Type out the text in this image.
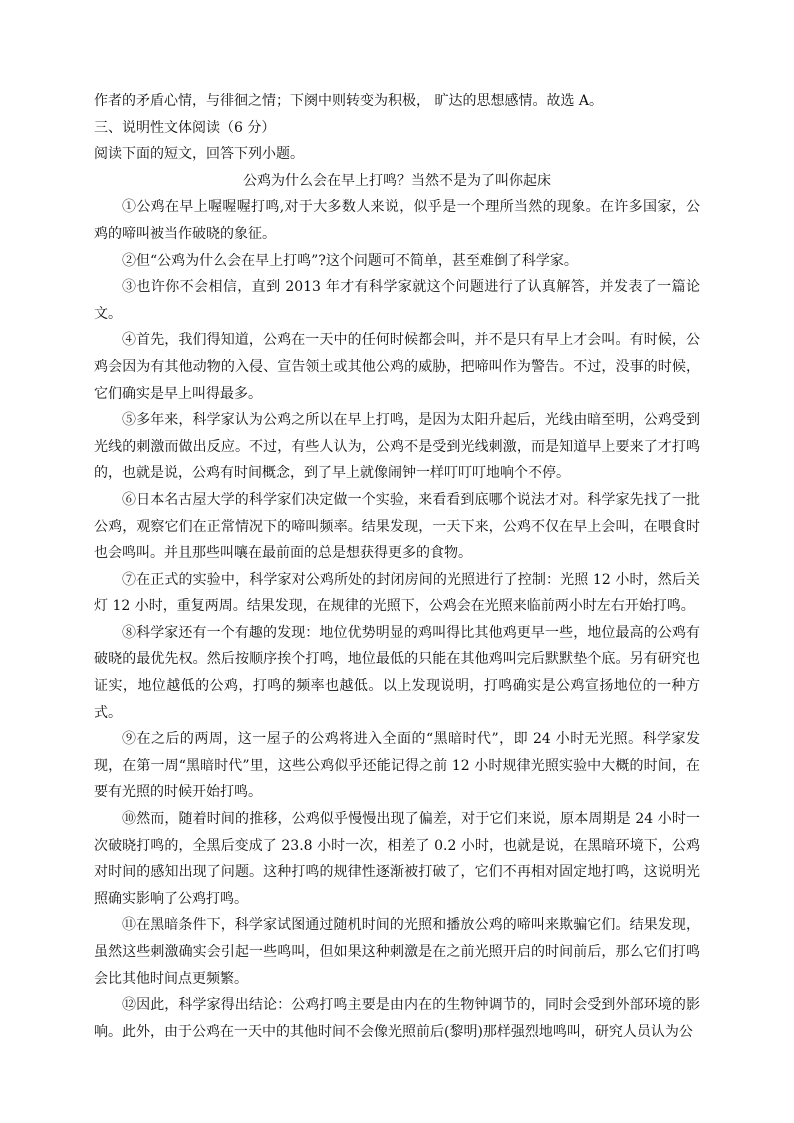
作者的矛盾心情，与徘徊之情；下阕中则转变为积极， 旷达的思想感情。故选 A。

三、说明性文体阅读（6 分）

阅读下面的短文，回答下列小题。

公鸡为什么会在早上打鸣？当然不是为了叫你起床

①公鸡在早上喔喔喔打鸣,对于大多数人来说，似乎是一个理所当然的现象。在许多国家，公鸡的啼叫被当作破晓的象征。

②但“公鸡为什么会在早上打鸣”?这个问题可不简单，甚至难倒了科学家。

③也许你不会相信，直到 2013 年才有科学家就这个问题进行了认真解答，并发表了一篇论文。

④首先，我们得知道，公鸡在一天中的任何时候都会叫，并不是只有早上才会叫。有时候，公鸡会因为有其他动物的入侵、宣告领土或其他公鸡的威胁，把啼叫作为警告。不过，没事的时候，它们确实是早上叫得最多。

⑤多年来，科学家认为公鸡之所以在早上打鸣，是因为太阳升起后，光线由暗至明，公鸡受到光线的刺激而做出反应。不过，有些人认为，公鸡不是受到光线刺激，而是知道早上要来了才打鸣的，也就是说，公鸡有时间概念，到了早上就像闹钟一样叮叮叮地响个不停。

⑥日本名古屋大学的科学家们决定做一个实验，来看看到底哪个说法才对。科学家先找了一批公鸡，观察它们在正常情况下的啼叫频率。结果发现，一天下来，公鸡不仅在早上会叫，在喂食时也会鸣叫。并且那些叫嚷在最前面的总是想获得更多的食物。

⑦在正式的实验中，科学家对公鸡所处的封闭房间的光照进行了控制：光照 12 小时，然后关灯 12 小时，重复两周。结果发现，在规律的光照下，公鸡会在光照来临前两小时左右开始打鸣。

⑧科学家还有一个有趣的发现：地位优势明显的鸡叫得比其他鸡更早一些，地位最高的公鸡有破晓的最优先权。然后按顺序挨个打鸣，地位最低的只能在其他鸡叫完后默默垫个底。另有研究也证实，地位越低的公鸡，打鸣的频率也越低。以上发现说明，打鸣确实是公鸡宣扬地位的一种方式。

⑨在之后的两周，这一屋子的公鸡将进入全面的“黑暗时代”，即 24 小时无光照。科学家发现，在第一周“黑暗时代”里，这些公鸡似乎还能记得之前 12 小时规律光照实验中大概的时间，在要有光照的时候开始打鸣。

⑩然而，随着时间的推移，公鸡似乎慢慢出现了偏差，对于它们来说，原本周期是 24 小时一次破晓打鸣的，全黑后变成了 23.8 小时一次，相差了 0.2 小时，也就是说，在黑暗环境下，公鸡对时间的感知出现了问题。这种打鸣的规律性逐渐被打破了，它们不再相对固定地打鸣，这说明光照确实影响了公鸡打鸣。

⑪在黑暗条件下，科学家试图通过随机时间的光照和播放公鸡的啼叫来欺骗它们。结果发现，虽然这些刺激确实会引起一些鸣叫，但如果这种刺激是在之前光照开启的时间前后，那么它们打鸣会比其他时间点更频繁。

⑫因此，科学家得出结论：公鸡打鸣主要是由内在的生物钟调节的，同时会受到外部环境的影响。此外，由于公鸡在一天中的其他时间不会像光照前后(黎明)那样强烈地鸣叫，研究人员认为公
